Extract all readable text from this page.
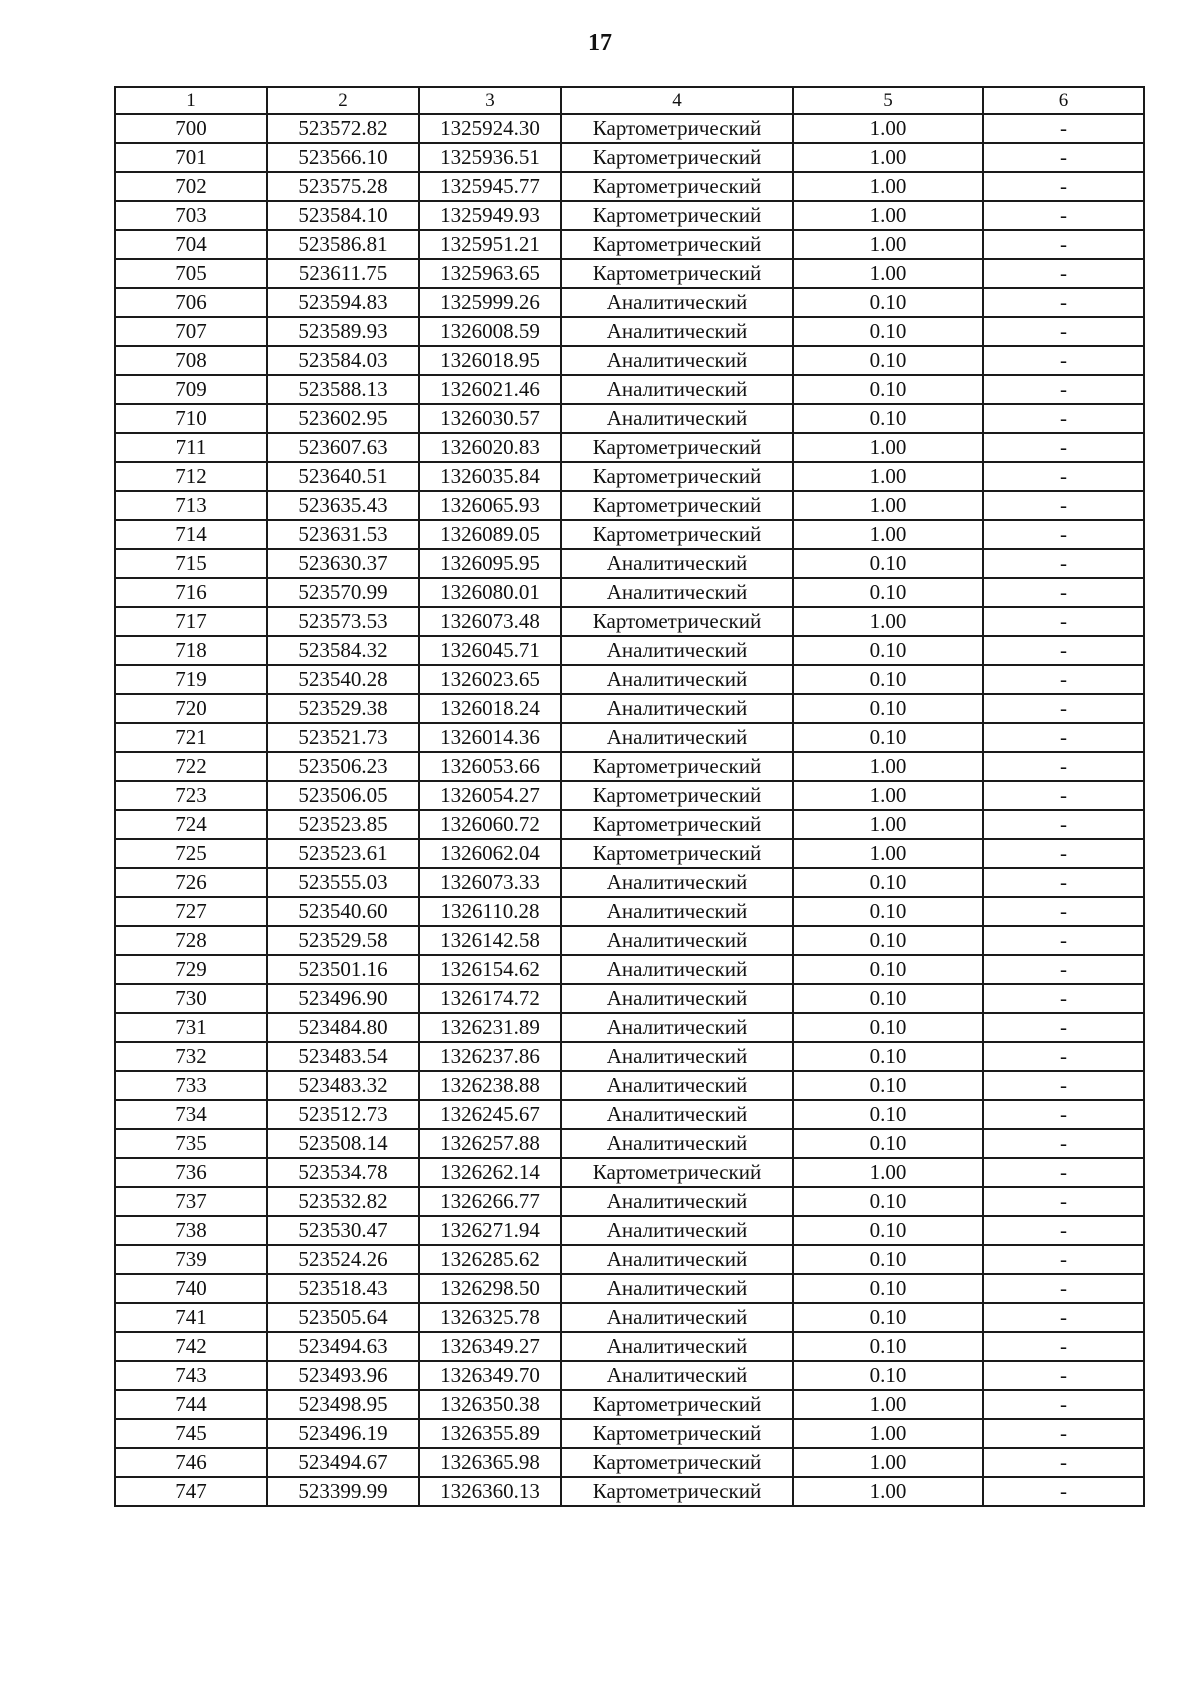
17
1	2	3	4	5	6
700	523572.82	1325924.30	Картометрический	1.00	-
701	523566.10	1325936.51	Картометрический	1.00	-
702	523575.28	1325945.77	Картометрический	1.00	-
703	523584.10	1325949.93	Картометрический	1.00	-
704	523586.81	1325951.21	Картометрический	1.00	-
705	523611.75	1325963.65	Картометрический	1.00	-
706	523594.83	1325999.26	Аналитический	0.10	-
707	523589.93	1326008.59	Аналитический	0.10	-
708	523584.03	1326018.95	Аналитический	0.10	-
709	523588.13	1326021.46	Аналитический	0.10	-
710	523602.95	1326030.57	Аналитический	0.10	-
711	523607.63	1326020.83	Картометрический	1.00	-
712	523640.51	1326035.84	Картометрический	1.00	-
713	523635.43	1326065.93	Картометрический	1.00	-
714	523631.53	1326089.05	Картометрический	1.00	-
715	523630.37	1326095.95	Аналитический	0.10	-
716	523570.99	1326080.01	Аналитический	0.10	-
717	523573.53	1326073.48	Картометрический	1.00	-
718	523584.32	1326045.71	Аналитический	0.10	-
719	523540.28	1326023.65	Аналитический	0.10	-
720	523529.38	1326018.24	Аналитический	0.10	-
721	523521.73	1326014.36	Аналитический	0.10	-
722	523506.23	1326053.66	Картометрический	1.00	-
723	523506.05	1326054.27	Картометрический	1.00	-
724	523523.85	1326060.72	Картометрический	1.00	-
725	523523.61	1326062.04	Картометрический	1.00	-
726	523555.03	1326073.33	Аналитический	0.10	-
727	523540.60	1326110.28	Аналитический	0.10	-
728	523529.58	1326142.58	Аналитический	0.10	-
729	523501.16	1326154.62	Аналитический	0.10	-
730	523496.90	1326174.72	Аналитический	0.10	-
731	523484.80	1326231.89	Аналитический	0.10	-
732	523483.54	1326237.86	Аналитический	0.10	-
733	523483.32	1326238.88	Аналитический	0.10	-
734	523512.73	1326245.67	Аналитический	0.10	-
735	523508.14	1326257.88	Аналитический	0.10	-
736	523534.78	1326262.14	Картометрический	1.00	-
737	523532.82	1326266.77	Аналитический	0.10	-
738	523530.47	1326271.94	Аналитический	0.10	-
739	523524.26	1326285.62	Аналитический	0.10	-
740	523518.43	1326298.50	Аналитический	0.10	-
741	523505.64	1326325.78	Аналитический	0.10	-
742	523494.63	1326349.27	Аналитический	0.10	-
743	523493.96	1326349.70	Аналитический	0.10	-
744	523498.95	1326350.38	Картометрический	1.00	-
745	523496.19	1326355.89	Картометрический	1.00	-
746	523494.67	1326365.98	Картометрический	1.00	-
747	523399.99	1326360.13	Картометрический	1.00	-
